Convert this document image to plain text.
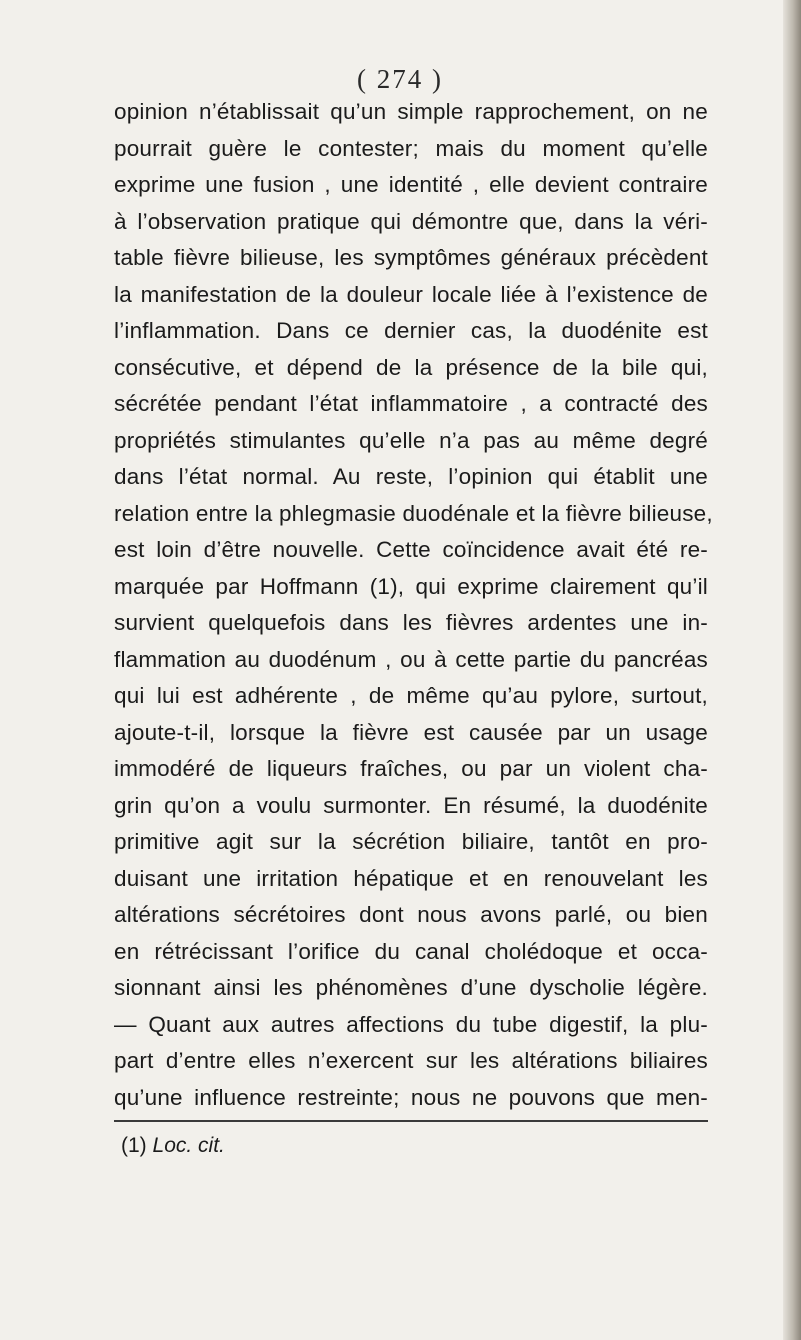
( 274 )
opinion n’établissait qu’un simple rapprochement, on ne
pourrait guère le contester; mais du moment qu’elle
exprime une fusion , une identité , elle devient contraire
à l’observation pratique qui démontre que, dans la véri-
table fièvre bilieuse, les symptômes généraux précèdent
la manifestation de la douleur locale liée à l’existence de
l’inflammation. Dans ce dernier cas, la duodénite est
consécutive, et dépend de la présence de la bile qui,
sécrétée pendant l’état inflammatoire , a contracté des
propriétés stimulantes qu’elle n’a pas au même degré
dans l’état normal. Au reste, l’opinion qui établit une
relation entre la phlegmasie duodénale et la fièvre bilieuse,
est loin d’être nouvelle. Cette coïncidence avait été re-
marquée par Hoffmann (1), qui exprime clairement qu’il
survient quelquefois dans les fièvres ardentes une in-
flammation au duodénum , ou à cette partie du pancréas
qui lui est adhérente , de même qu’au pylore, surtout,
ajoute-t-il, lorsque la fièvre est causée par un usage
immodéré de liqueurs fraîches, ou par un violent cha-
grin qu’on a voulu surmonter. En résumé, la duodénite
primitive agit sur la sécrétion biliaire, tantôt en pro-
duisant une irritation hépatique et en renouvelant les
altérations sécrétoires dont nous avons parlé, ou bien
en rétrécissant l’orifice du canal cholédoque et occa-
sionnant ainsi les phénomènes d’une dyscholie légère.
— Quant aux autres affections du tube digestif, la plu-
part d’entre elles n’exercent sur les altérations biliaires
qu’une influence restreinte; nous ne pouvons que men-
(1) Loc. cit.
